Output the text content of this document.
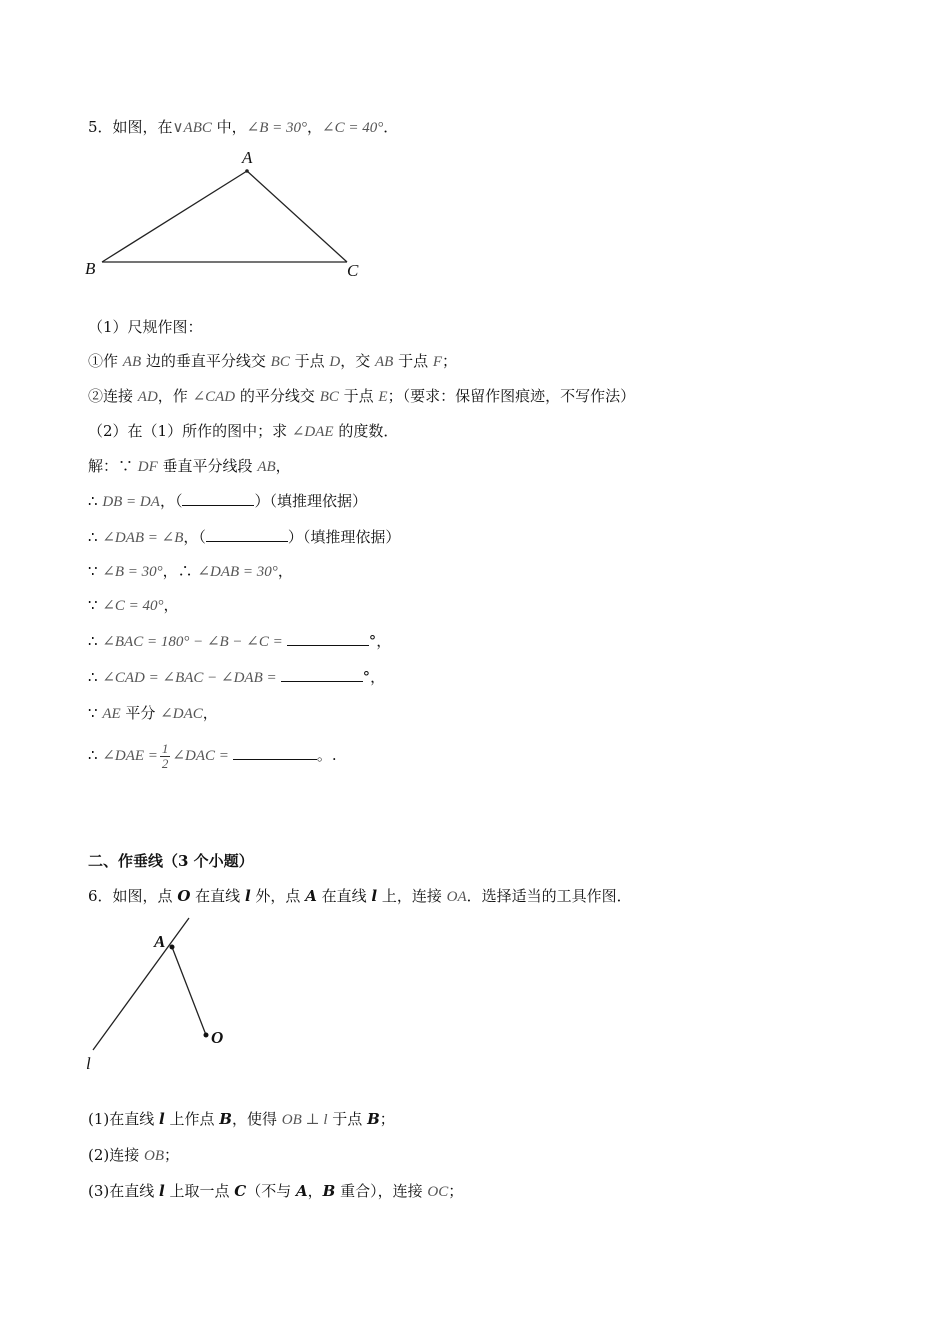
5．如图，在∨ABC 中，∠B = 30°，∠C = 40°．
A
B	C
（1）尺规作图：
①作 AB 边的垂直平分线交 BC 于点 D，交 AB 于点 F；
②连接 AD，作 ∠CAD 的平分线交 BC 于点 E；（要求：保留作图痕迹，不写作法）
（2）在（1）所作的图中；求 ∠DAE 的度数．
解：∵ DF 垂直平分线段 AB，
∴ DB = DA，（	）（填推理依据）
∴ ∠DAB = ∠B，（	）（填推理依据）
∵ ∠B = 30°，∴ ∠DAB = 30°，
∵ ∠C = 40°，
∴ ∠BAC = 180° − ∠B − ∠C =	°，
∴ ∠CAD = ∠BAC − ∠DAB =	°，
∵ AE 平分 ∠DAC，
∴ ∠DAE = $\frac{1}{2}$ ∠DAC =	。.
二、作垂线（3 个小题）
6．如图，点 O 在直线 l 外，点 A 在直线 l 上，连接 OA．选择适当的工具作图．
A
O
l
(1)在直线 l 上作点 B，使得 OB ⊥ l 于点 B；
(2)连接 OB；
(3)在直线 l 上取一点 C（不与 A，B 重合），连接 OC；
